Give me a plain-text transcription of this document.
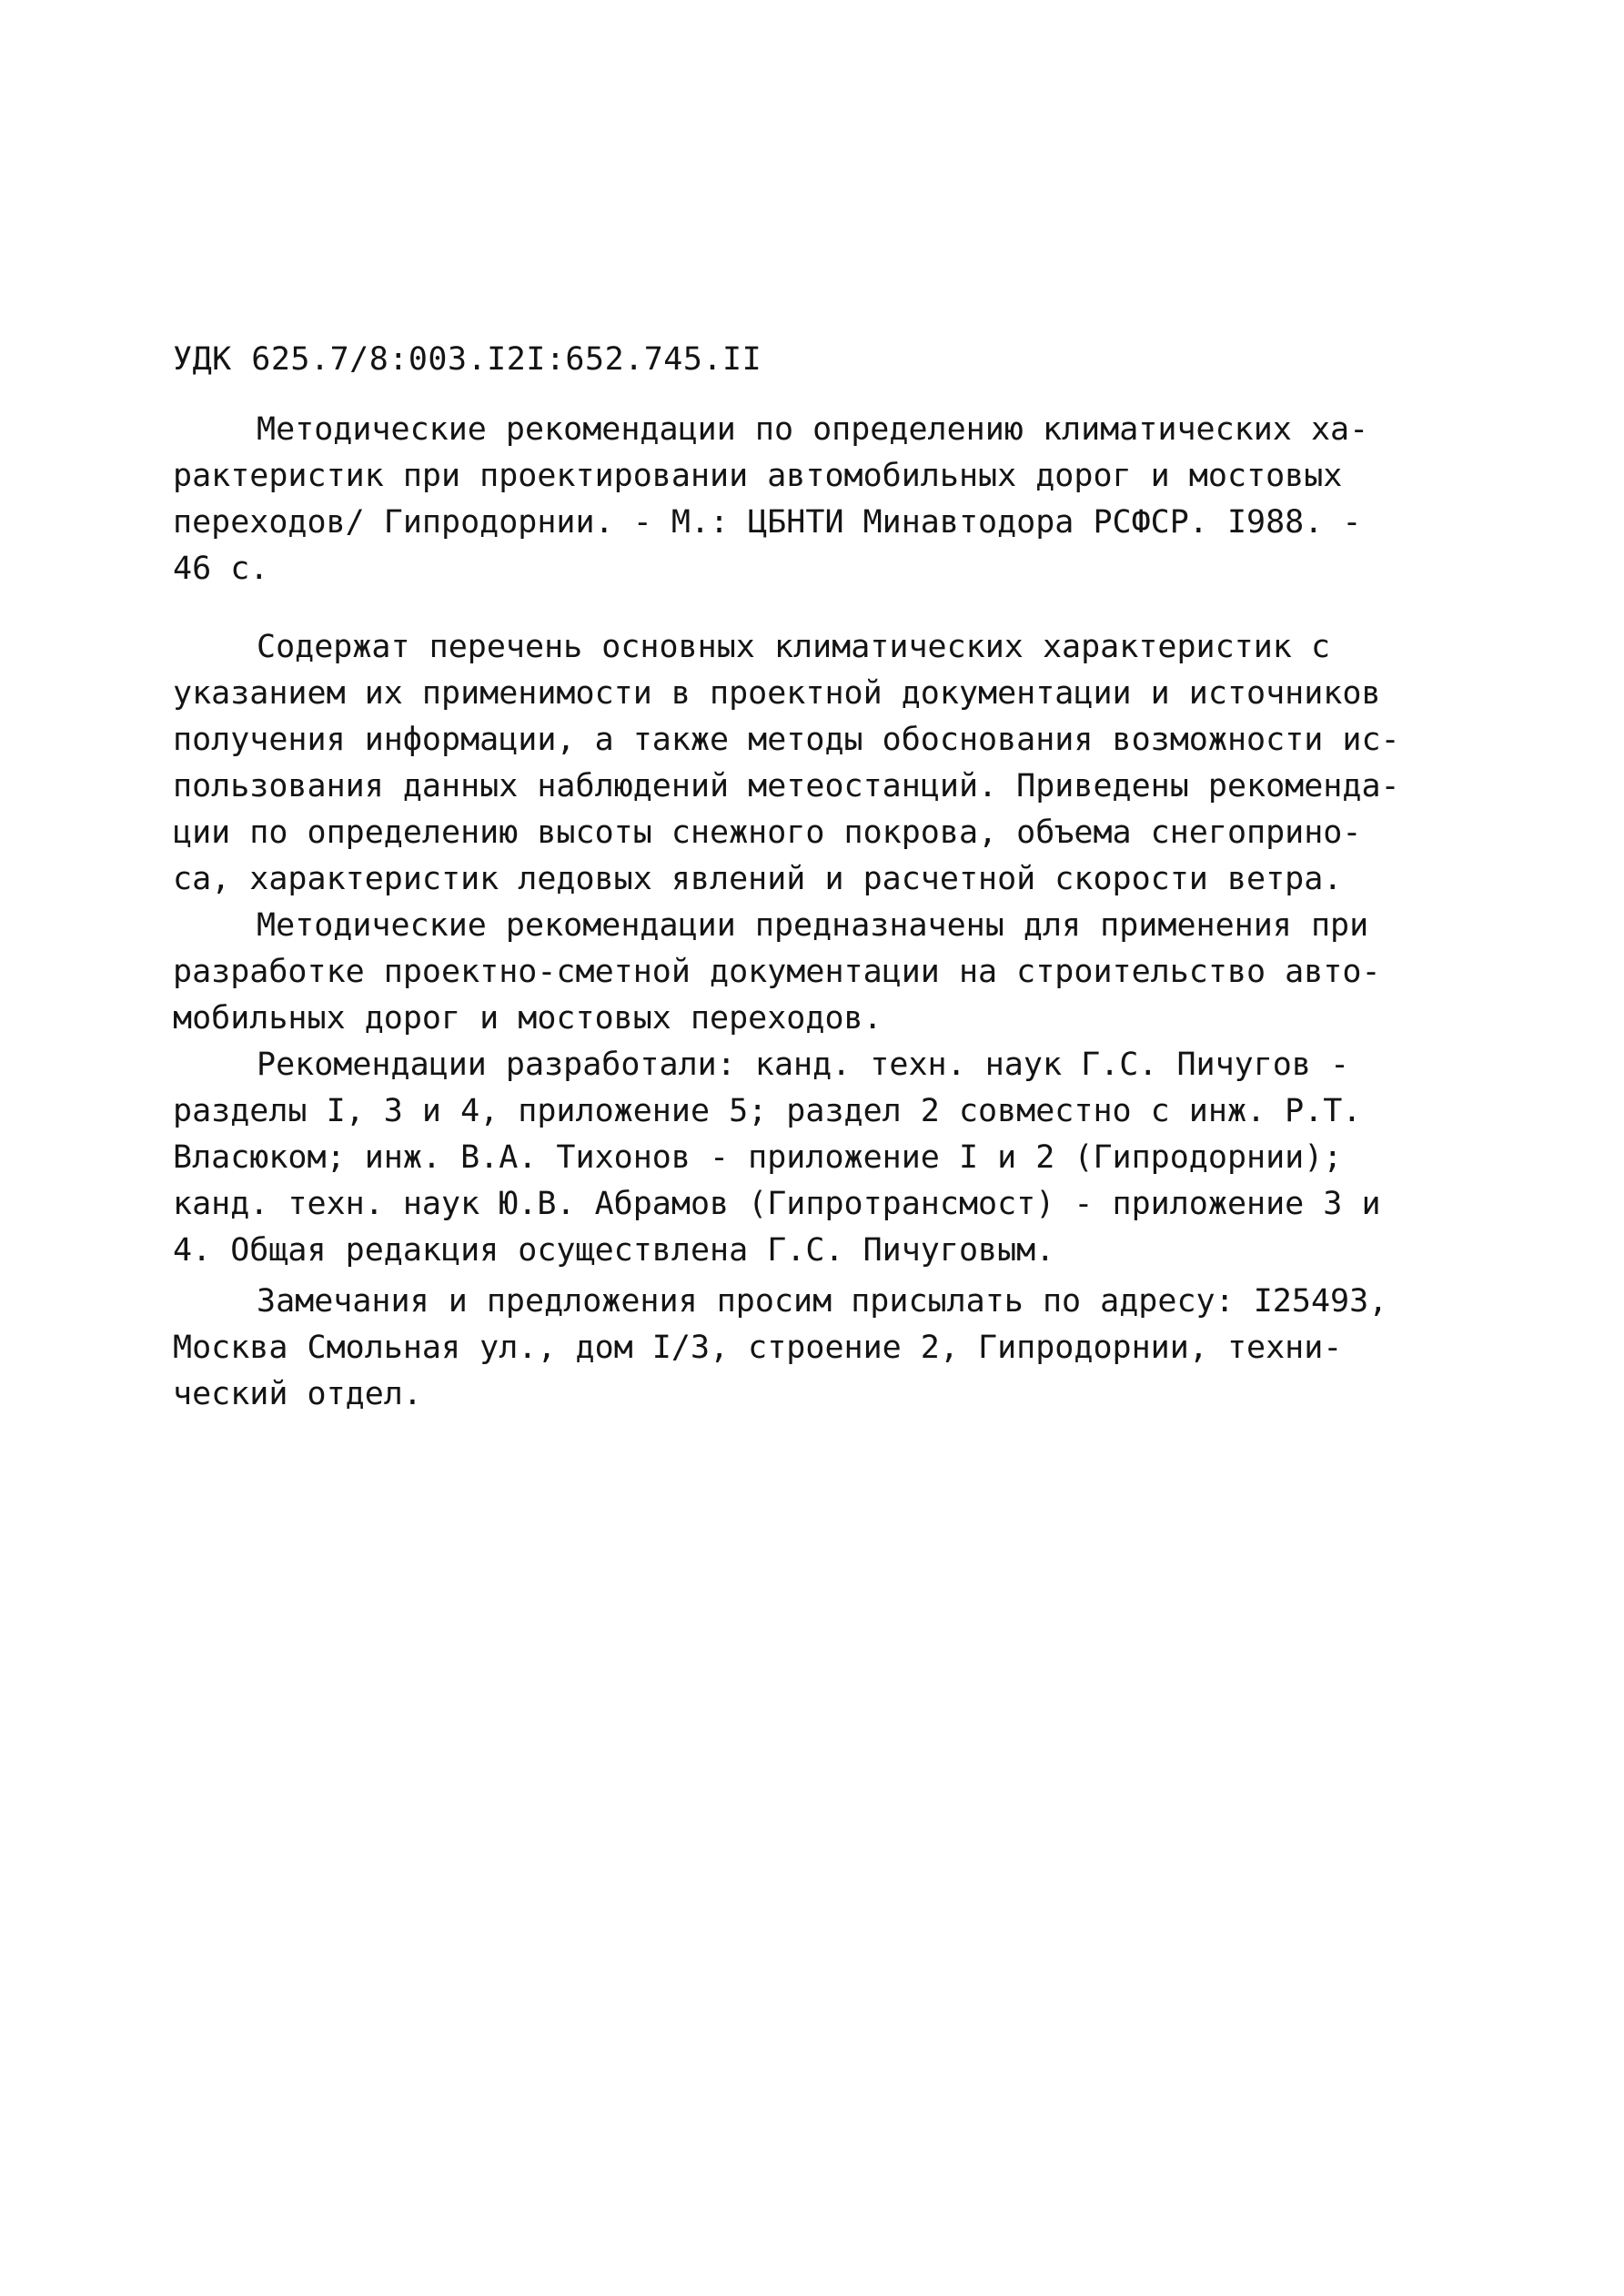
УДК 625.7/8:003.I2I:652.745.II
Методические рекомендации по определению климатических ха-
рактеристик при проектировании автомобильных дорог и мостовых
переходов/ Гипродорнии. - М.: ЦБНТИ Минавтодора РСФСР. I988. -
46 с.
Содержат перечень основных климатических характеристик с
указанием их применимости в проектной документации и источников
получения информации, а также методы обоснования возможности ис-
пользования данных наблюдений метеостанций. Приведены рекоменда-
ции по определению высоты снежного покрова, объема снегоприно-
са, характеристик ледовых явлений и расчетной скорости ветра.
Методические рекомендации предназначены для применения при
разработке проектно-сметной документации на строительство авто-
мобильных дорог и мостовых переходов.
Рекомендации разработали: канд. техн. наук Г.С. Пичугов -
разделы I, 3 и 4, приложение 5; раздел 2 совместно с инж. Р.Т.
Власюком; инж. В.А. Тихонов - приложение I и 2 (Гипродорнии);
канд. техн. наук Ю.В. Абрамов (Гипротрансмост) - приложение 3 и
4. Общая редакция осуществлена Г.С. Пичуговым.
Замечания и предложения просим присылать по адресу: I25493,
Москва Смольная ул., дом I/3, строение 2, Гипродорнии, техни-
ческий отдел.
